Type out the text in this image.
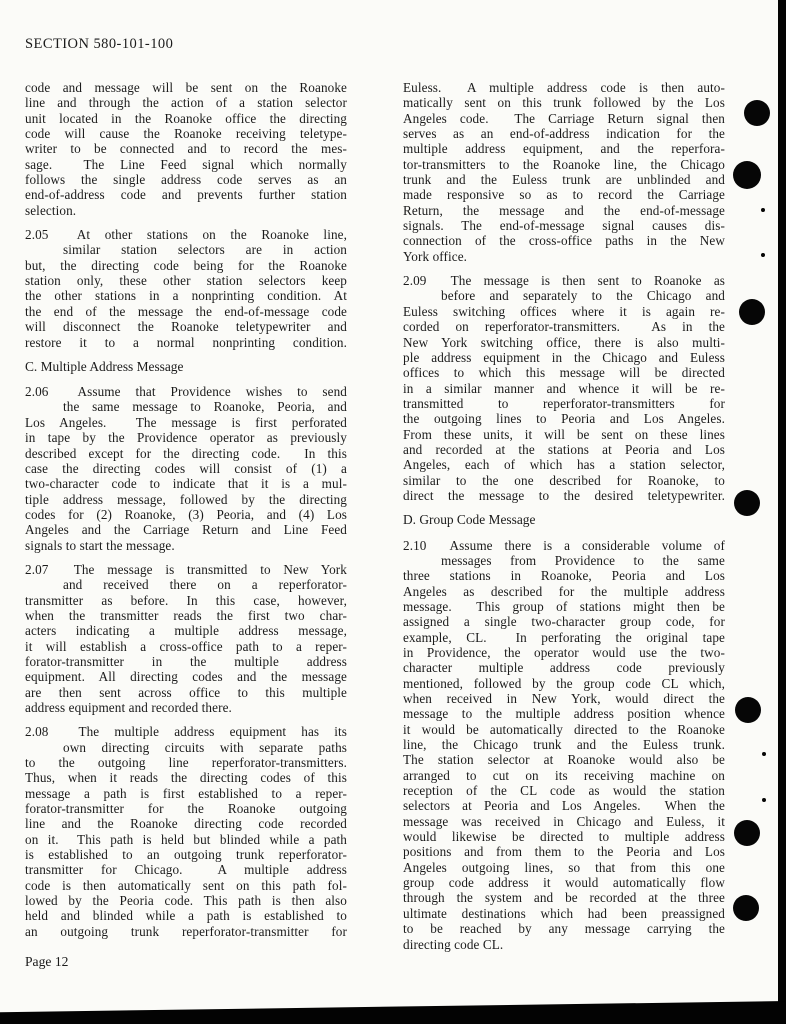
SECTION 580-101-100
code and message will be sent on the Roanoke
line and through the action of a station selector
unit located in the Roanoke office the directing
code will cause the Roanoke receiving teletype-
writer to be connected and to record the mes-
sage.  The Line Feed signal which normally
follows the single address code serves as an
end-of-address code and prevents further station
selection.
2.05  At other stations on the Roanoke line,
similar station selectors are in action
but, the directing code being for the Roanoke
station only, these other station selectors keep
the other stations in a nonprinting condition. At
the end of the message the end-of-message code
will disconnect the Roanoke teletypewriter and
restore it to a normal nonprinting condition.
C. Multiple Address Message
2.06  Assume that Providence wishes to send
the same message to Roanoke, Peoria, and
Los Angeles.  The message is first perforated
in tape by the Providence operator as previously
described except for the directing code.  In this
case the directing codes will consist of (1) a
two-character code to indicate that it is a mul-
tiple address message, followed by the directing
codes for (2) Roanoke, (3) Peoria, and (4) Los
Angeles and the Carriage Return and Line Feed
signals to start the message.
2.07  The message is transmitted to New York
and received there on a reperforator-
transmitter as before. In this case, however,
when the transmitter reads the first two char-
acters indicating a multiple address message,
it will establish a cross-office path to a reper-
forator-transmitter in the multiple address
equipment. All directing codes and the message
are then sent across office to this multiple
address equipment and recorded there.
2.08  The multiple address equipment has its
own directing circuits with separate paths
to the outgoing line reperforator-transmitters.
Thus, when it reads the directing codes of this
message a path is first established to a reper-
forator-transmitter for the Roanoke outgoing
line and the Roanoke directing code recorded
on it.  This path is held but blinded while a path
is established to an outgoing trunk reperforator-
transmitter for Chicago.  A multiple address
code is then automatically sent on this path fol-
lowed by the Peoria code. This path is then also
held and blinded while a path is established to
an outgoing trunk reperforator-transmitter for
Euless.  A multiple address code is then auto-
matically sent on this trunk followed by the Los
Angeles code.  The Carriage Return signal then
serves as an end-of-address indication for the
multiple address equipment, and the reperfora-
tor-transmitters to the Roanoke line, the Chicago
trunk and the Euless trunk are unblinded and
made responsive so as to record the Carriage
Return, the message and the end-of-message
signals. The end-of-message signal causes dis-
connection of the cross-office paths in the New
York office.
2.09  The message is then sent to Roanoke as
before and separately to the Chicago and
Euless switching offices where it is again re-
corded on reperforator-transmitters.  As in the
New York switching office, there is also multi-
ple address equipment in the Chicago and Euless
offices to which this message will be directed
in a similar manner and whence it will be re-
transmitted to reperforator-transmitters for
the outgoing lines to Peoria and Los Angeles.
From these units, it will be sent on these lines
and recorded at the stations at Peoria and Los
Angeles, each of which has a station selector,
similar to the one described for Roanoke, to
direct the message to the desired teletypewriter.
D. Group Code Message
2.10  Assume there is a considerable volume of
messages from Providence to the same
three stations in Roanoke, Peoria and Los
Angeles as described for the multiple address
message.  This group of stations might then be
assigned a single two-character group code, for
example, CL.  In perforating the original tape
in Providence, the operator would use the two-
character multiple address code previously
mentioned, followed by the group code CL which,
when received in New York, would direct the
message to the multiple address position whence
it would be automatically directed to the Roanoke
line, the Chicago trunk and the Euless trunk.
The station selector at Roanoke would also be
arranged to cut on its receiving machine on
reception of the CL code as would the station
selectors at Peoria and Los Angeles.  When the
message was received in Chicago and Euless, it
would likewise be directed to multiple address
positions and from them to the Peoria and Los
Angeles outgoing lines, so that from this one
group code address it would automatically flow
through the system and be recorded at the three
ultimate destinations which had been preassigned
to be reached by any message carrying the
directing code CL.
Page 12
